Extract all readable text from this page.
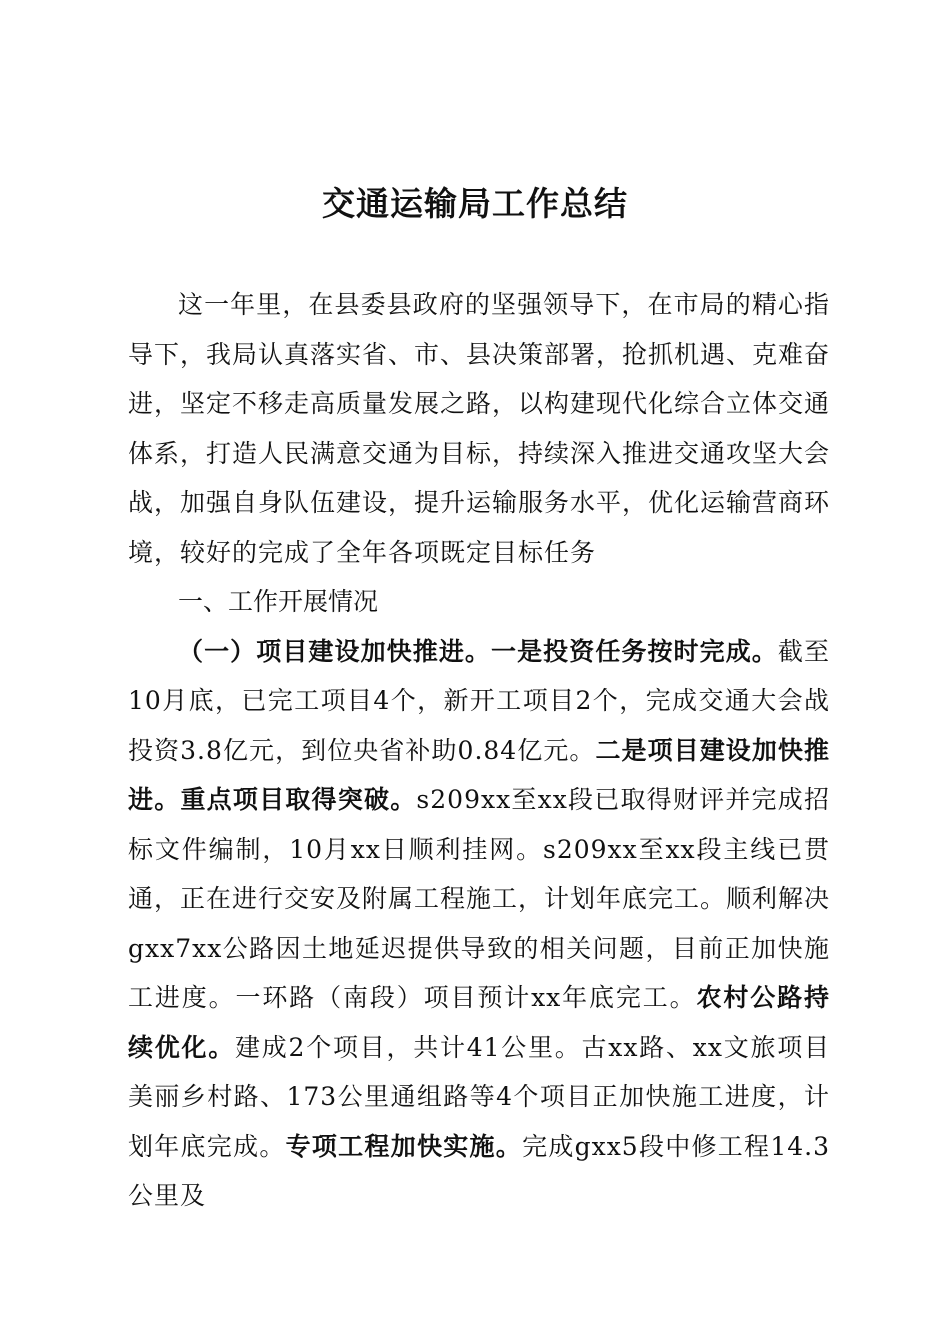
交通运输局工作总结

这一年里，在县委县政府的坚强领导下，在市局的精心指导下，我局认真落实省、市、县决策部署，抢抓机遇、克难奋进，坚定不移走高质量发展之路，以构建现代化综合立体交通体系，打造人民满意交通为目标，持续深入推进交通攻坚大会战，加强自身队伍建设，提升运输服务水平，优化运输营商环境，较好的完成了全年各项既定目标任务

一、工作开展情况

（一）项目建设加快推进。一是投资任务按时完成。截至10月底，已完工项目4个，新开工项目2个，完成交通大会战投资3.8亿元，到位央省补助0.84亿元。二是项目建设加快推进。重点项目取得突破。s209xx至xx段已取得财评并完成招标文件编制，10月xx日顺利挂网。s209xx至xx段主线已贯通，正在进行交安及附属工程施工，计划年底完工。顺利解决gxx7xx公路因土地延迟提供导致的相关问题，目前正加快施工进度。一环路（南段）项目预计xx年底完工。农村公路持续优化。建成2个项目，共计41公里。古xx路、xx文旅项目美丽乡村路、173公里通组路等4个项目正加快施工进度，计划年底完成。专项工程加快实施。完成gxx5段中修工程14.3公里及
